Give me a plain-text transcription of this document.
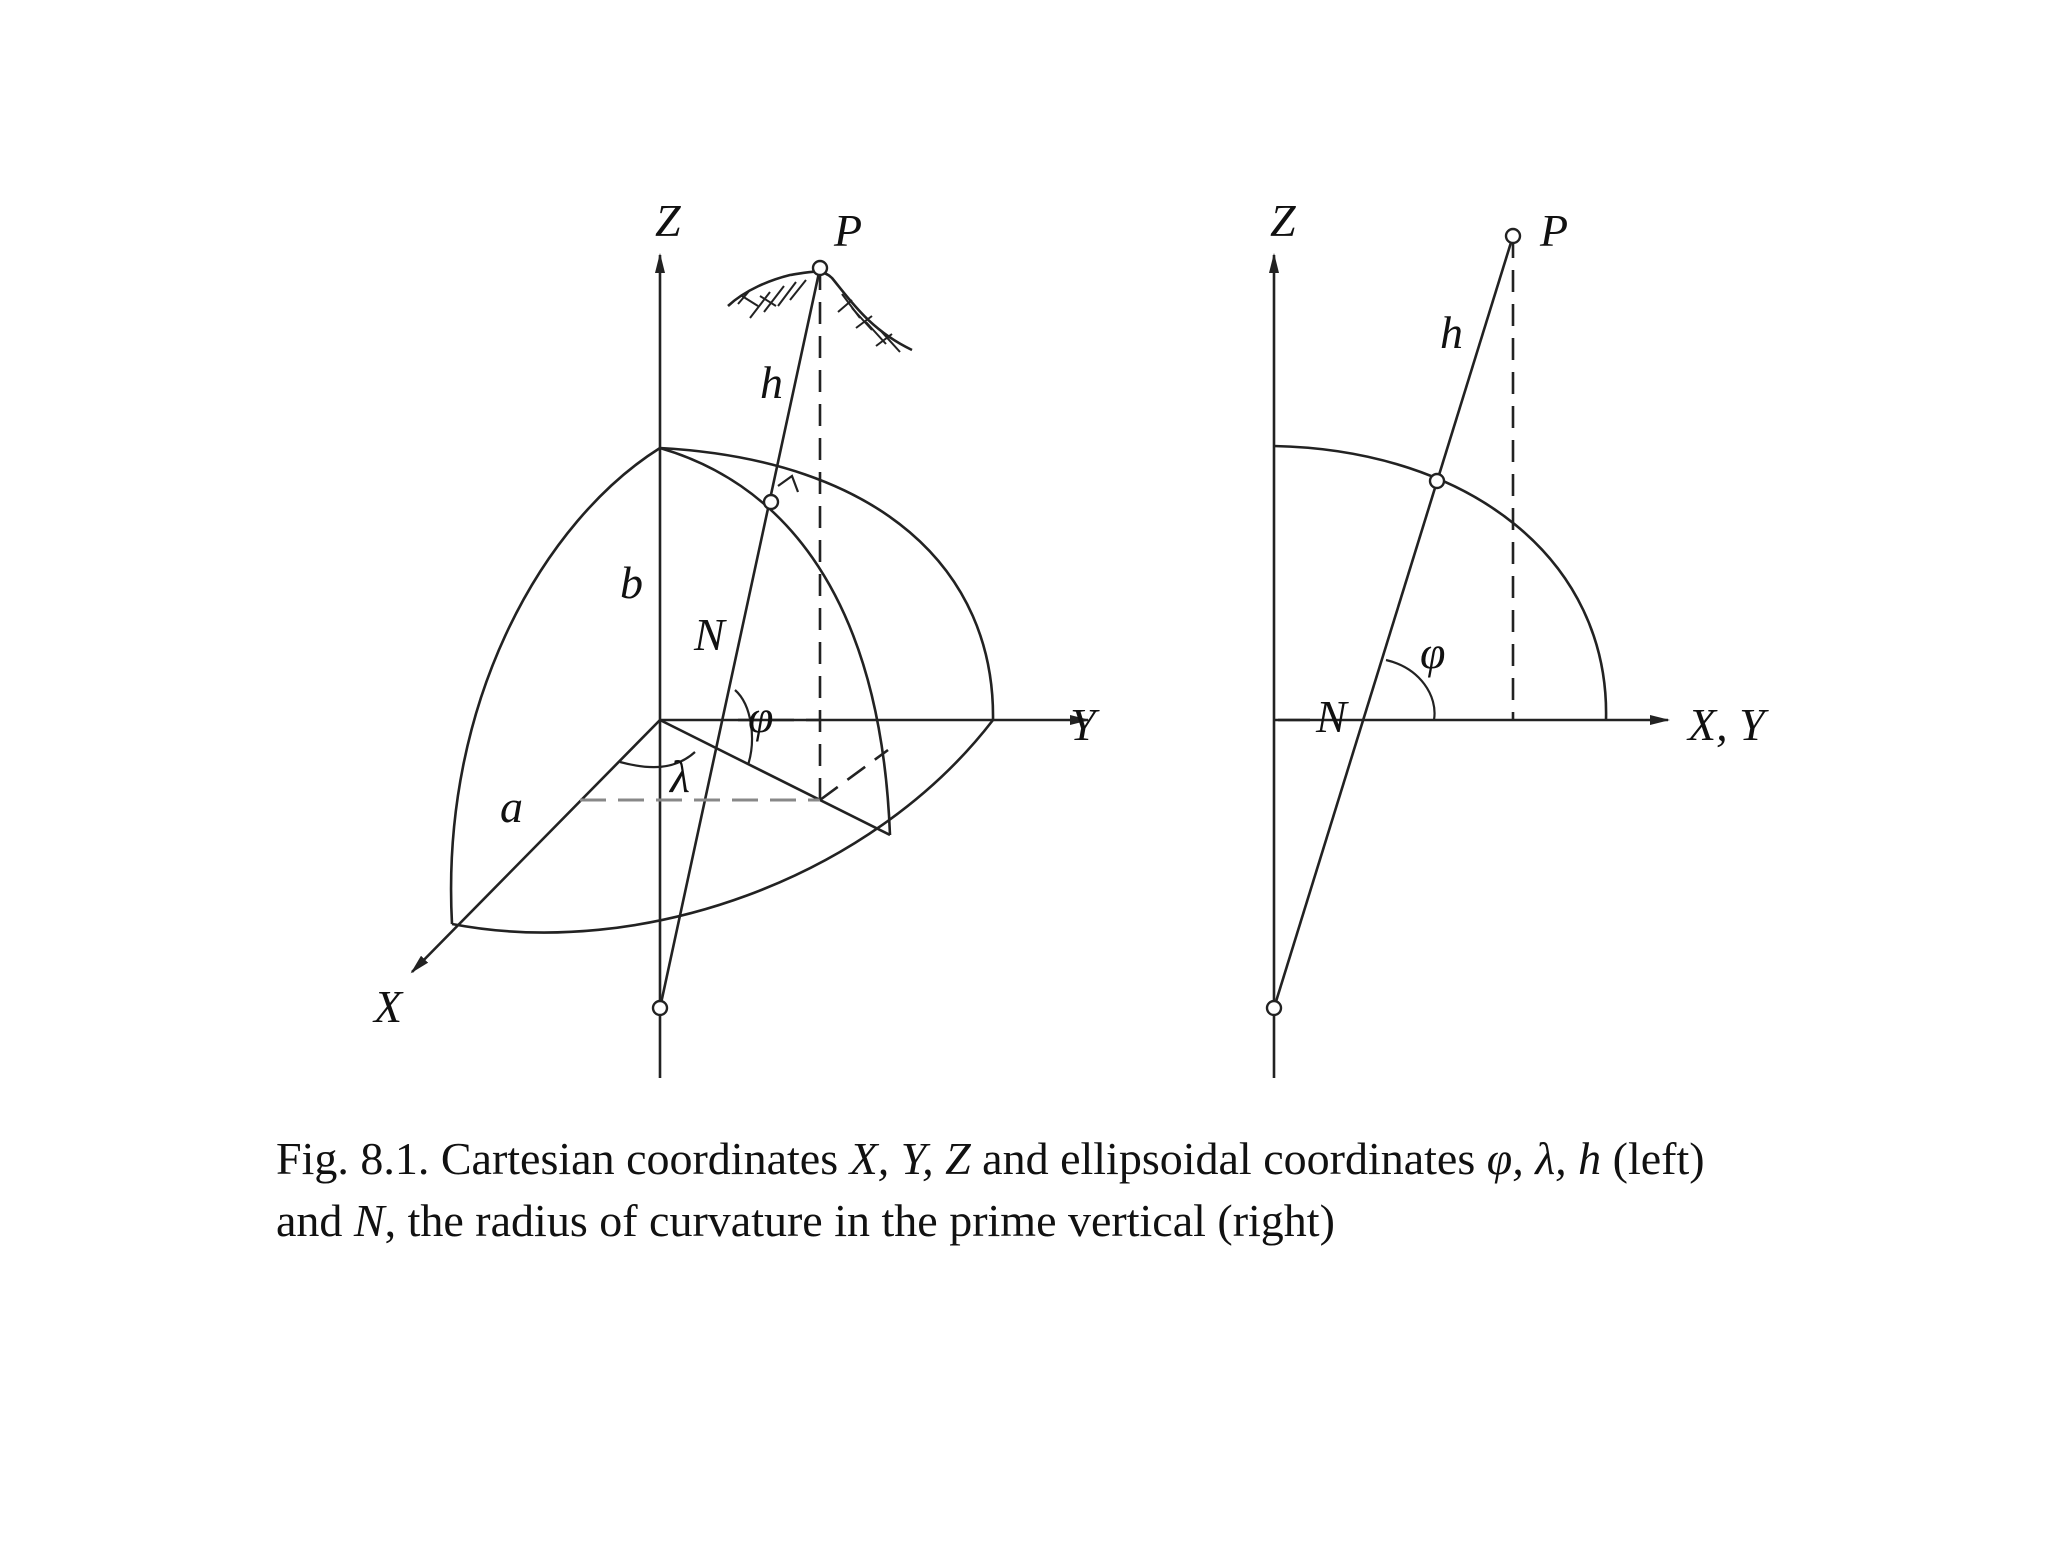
Z	P
Y
X
h
b
a
N
φ
λ
Z	P
h
N
φ
X, Y
Fig. 8.1. Cartesian coordinates X, Y, Z and ellipsoidal coordinates φ, λ, h (left)
and N, the radius of curvature in the prime vertical (right)
